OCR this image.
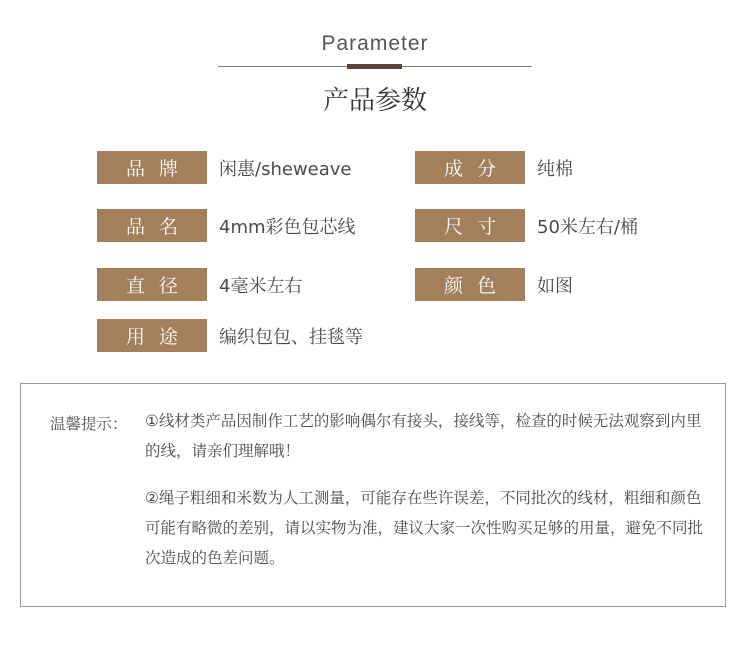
Parameter
产品参数
品牌	闲惠/sheweave	成分	纯棉
品名	4mm彩色包芯线	尺寸	50米左右/桶
直径	4毫米左右	颜色	如图
用途	编织包包、挂毯等
温馨提示： ①线材类产品因制作工艺的影响偶尔有接头，接线等，检查的时候无法观察到内里的线，请亲们理解哦！
②绳子粗细和米数为人工测量，可能存在些许误差，不同批次的线材，粗细和颜色可能有略微的差别，请以实物为准，建议大家一次性购买足够的用量，避免不同批次造成的色差问题。
